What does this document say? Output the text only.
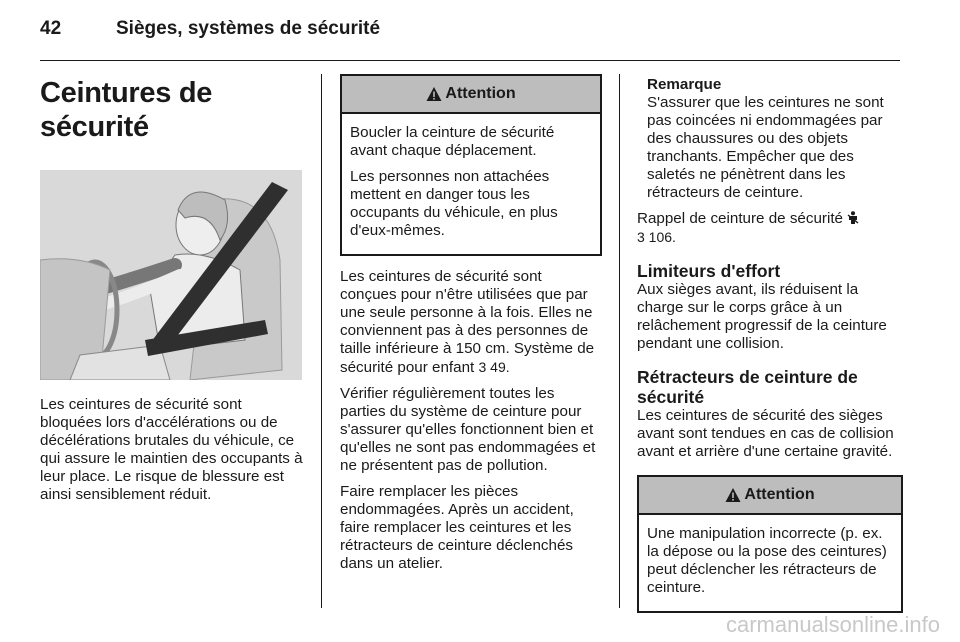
42	Sièges, systèmes de sécurité
Ceintures de sécurité

Les ceintures de sécurité sont bloquées lors d'accélérations ou de décélérations brutales du véhicule, ce qui assure le maintien des occupants à leur place. Le risque de blessure est ainsi sensiblement réduit.

Attention

Boucler la ceinture de sécurité avant chaque déplacement.

Les personnes non attachées mettent en danger tous les occupants du véhicule, en plus d'eux-mêmes.

Les ceintures de sécurité sont conçues pour n'être utilisées que par une seule personne à la fois. Elles ne conviennent pas à des personnes de taille inférieure à 150 cm. Système de sécurité pour enfant 3 49.

Vérifier régulièrement toutes les parties du système de ceinture pour s'assurer qu'elles fonctionnent bien et qu'elles ne sont pas endommagées et ne présentent pas de pollution.

Faire remplacer les pièces endommagées. Après un accident, faire remplacer les ceintures et les rétracteurs de ceinture déclenchés dans un atelier.

Remarque

S'assurer que les ceintures ne sont pas coincées ni endommagées par des chaussures ou des objets tranchants. Empêcher que des saletés ne pénètrent dans les rétracteurs de ceinture.

Rappel de ceinture de sécurité
3 106.

Limiteurs d'effort

Aux sièges avant, ils réduisent la charge sur le corps grâce à un relâchement progressif de la ceinture pendant une collision.

Rétracteurs de ceinture de sécurité

Les ceintures de sécurité des sièges avant sont tendues en cas de collision avant et arrière d'une certaine gravité.

Attention

Une manipulation incorrecte (p. ex. la dépose ou la pose des ceintures) peut déclencher les rétracteurs de ceinture.

carmanualsonline.info
